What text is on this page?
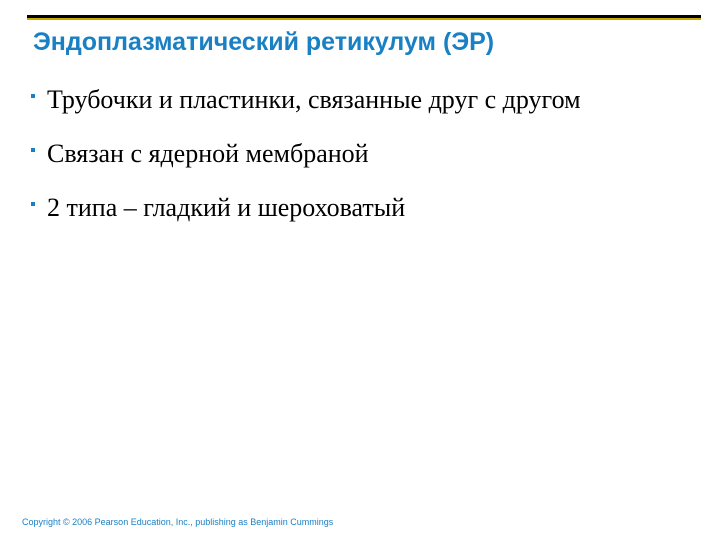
Эндоплазматический ретикулум (ЭР)
Трубочки и пластинки, связанные друг с другом
Связан с ядерной мембраной
2 типа – гладкий и шероховатый
Copyright © 2006 Pearson Education, Inc., publishing as Benjamin Cummings
